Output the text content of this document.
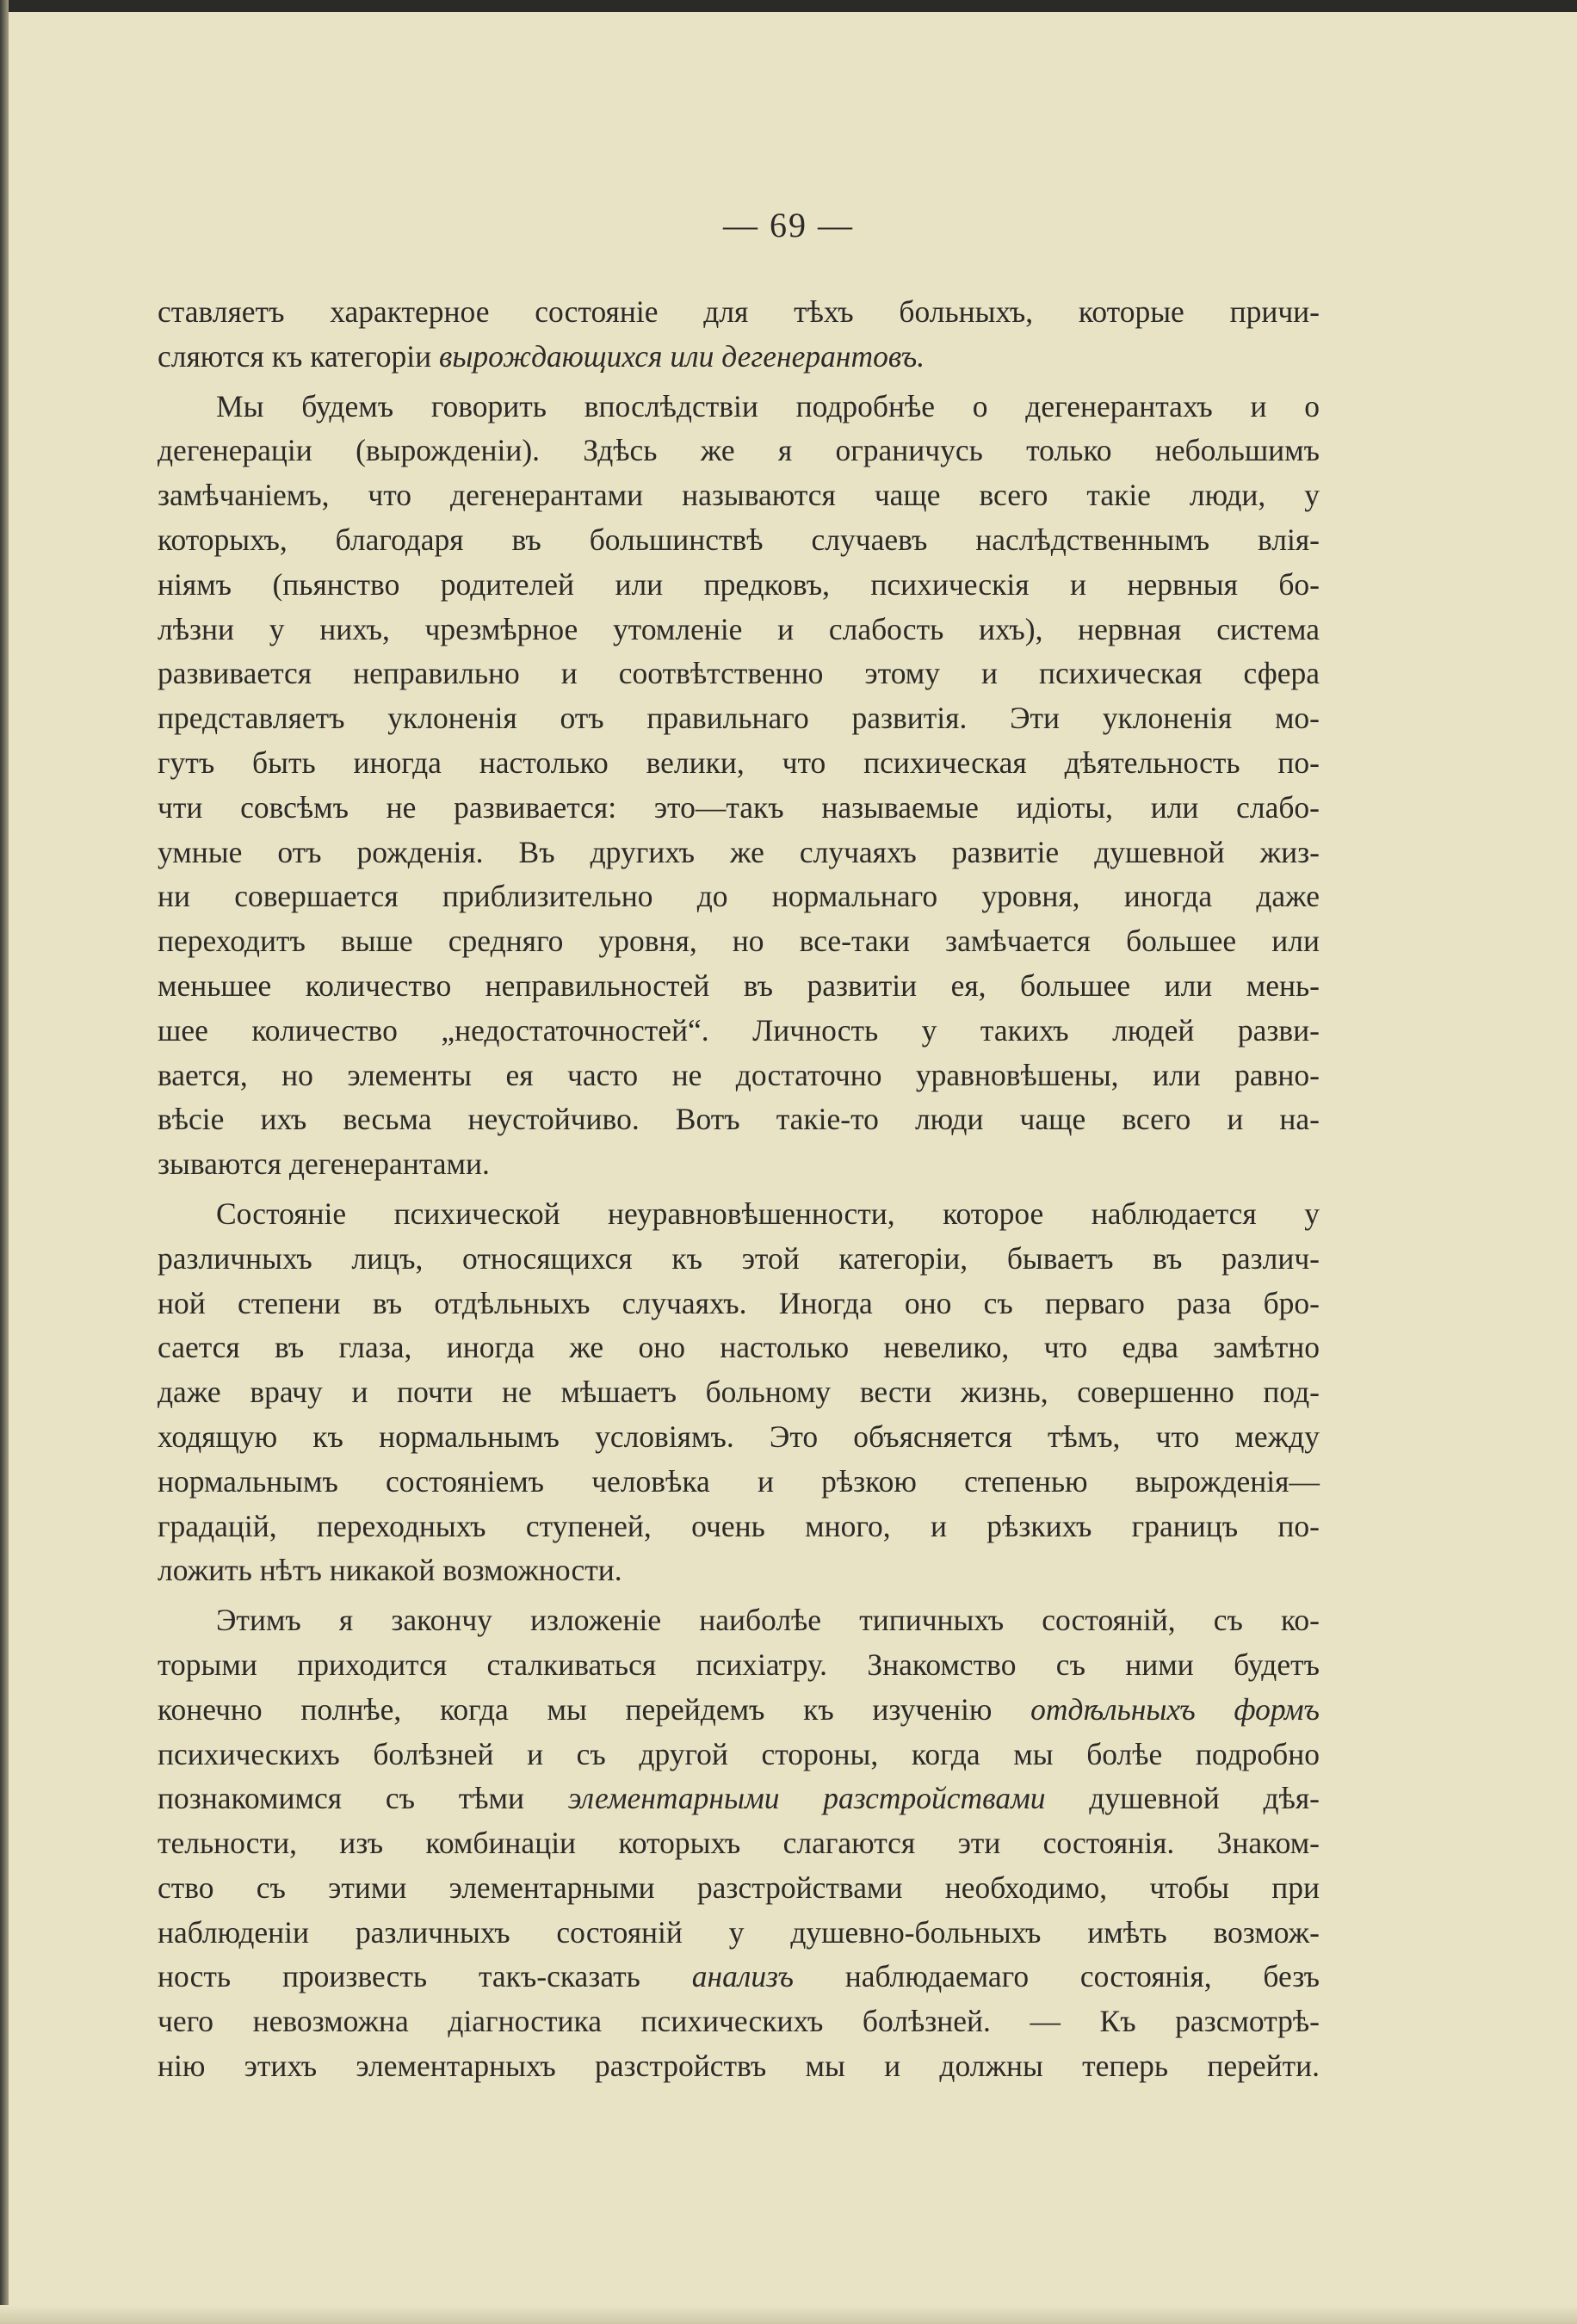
— 69 —
ставляетъ характерное состоянiе для тѣхъ больныхъ, которые причи-
сляются къ категорiи вырождающихся или дегенерантовъ.
Мы будемъ говорить впослѣдствiи подробнѣе о дегенерантахъ и о
дегенерацiи (вырожденiи). Здѣсь же я ограничусь только небольшимъ
замѣчанiемъ, что дегенерантами называются чаще всего такiе люди, у
которыхъ, благодаря въ большинствѣ случаевъ наслѣдственнымъ влiя-
нiямъ (пьянство родителей или предковъ, психическiя и нервныя бо-
лѣзни у нихъ, чрезмѣрное утомленiе и слабость ихъ), нервная система
развивается неправильно и соотвѣтственно этому и психическая сфера
представляетъ уклоненiя отъ правильнаго развитiя. Эти уклоненiя мо-
гутъ быть иногда настолько велики, что психическая дѣятельность по-
чти совсѣмъ не развивается: это—такъ называемые идiоты, или слабо-
умные отъ рожденiя. Въ другихъ же случаяхъ развитiе душевной жиз-
ни совершается приблизительно до нормальнаго уровня, иногда даже
переходитъ выше средняго уровня, но все-таки замѣчается большее или
меньшее количество неправильностей въ развитiи ея, большее или мень-
шее количество „недостаточностей“. Личность у такихъ людей разви-
вается, но элементы ея часто не достаточно уравновѣшены, или равно-
вѣсiе ихъ весьма неустойчиво. Вотъ такiе-то люди чаще всего и на-
зываются дегенерантами.
Состоянiе психической неуравновѣшенности, которое наблюдается у
различныхъ лицъ, относящихся къ этой категорiи, бываетъ въ различ-
ной степени въ отдѣльныхъ случаяхъ. Иногда оно съ перваго раза бро-
сается въ глаза, иногда же оно настолько невелико, что едва замѣтно
даже врачу и почти не мѣшаетъ больному вести жизнь, совершенно под-
ходящую къ нормальнымъ условiямъ. Это объясняется тѣмъ, что между
нормальнымъ состоянiемъ человѣка и рѣзкою степенью вырожденiя—
градацiй, переходныхъ ступеней, очень много, и рѣзкихъ границъ по-
ложить нѣтъ никакой возможности.
Этимъ я закончу изложенiе наиболѣе типичныхъ состоянiй, съ ко-
торыми приходится сталкиваться психiатру. Знакомство съ ними будетъ
конечно полнѣе, когда мы перейдемъ къ изученiю отдѣльныхъ формъ
психическихъ болѣзней и съ другой стороны, когда мы болѣе подробно
познакомимся съ тѣми элементарными разстройствами душевной дѣя-
тельности, изъ комбинацiи которыхъ слагаются эти состоянiя. Знаком-
ство съ этими элементарными разстройствами необходимо, чтобы при
наблюденiи различныхъ состоянiй у душевно-больныхъ имѣть возмож-
ность произвесть такъ-сказать анализъ наблюдаемаго состоянiя, безъ
чего невозможна дiагностика психическихъ болѣзней. — Къ разсмотрѣ-
нiю этихъ элементарныхъ разстройствъ мы и должны теперь перейти.
